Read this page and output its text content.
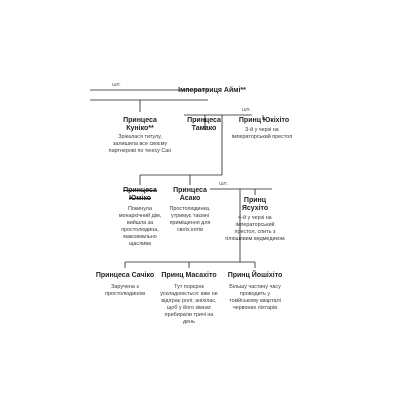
шп.
шп.
шп.
Імператриця Аймі**
Принцеса Куніко**
Зрікалася титулу, залишила все своєму партнерові по тенісу Сао
Принцеса Тамако
Принц Юкіхіто
3-й у черзі на імператорський престол
Принцеса Юміко
Покинула монархічний дім, вийшла за простолюдина, максимально щаслива
Принцеса Асако
Простолюдинка, утримує таємні приміщення для своїх котів
Принц Ясухіто
4-й у черзі на імператорський престол, спить з плюшевим ведмедиком
Принцеса Сачіко
Заручена з простолюдином
Принц Масахіто
Тут порєрок ускладнюється: вже не відіграє ролі; аніхілас, щоб у його кімнат прибирали тричі на день
Принц Йошіхіто
Більшу частину часу проводить у токійському кварталі червоних ліхтарів
